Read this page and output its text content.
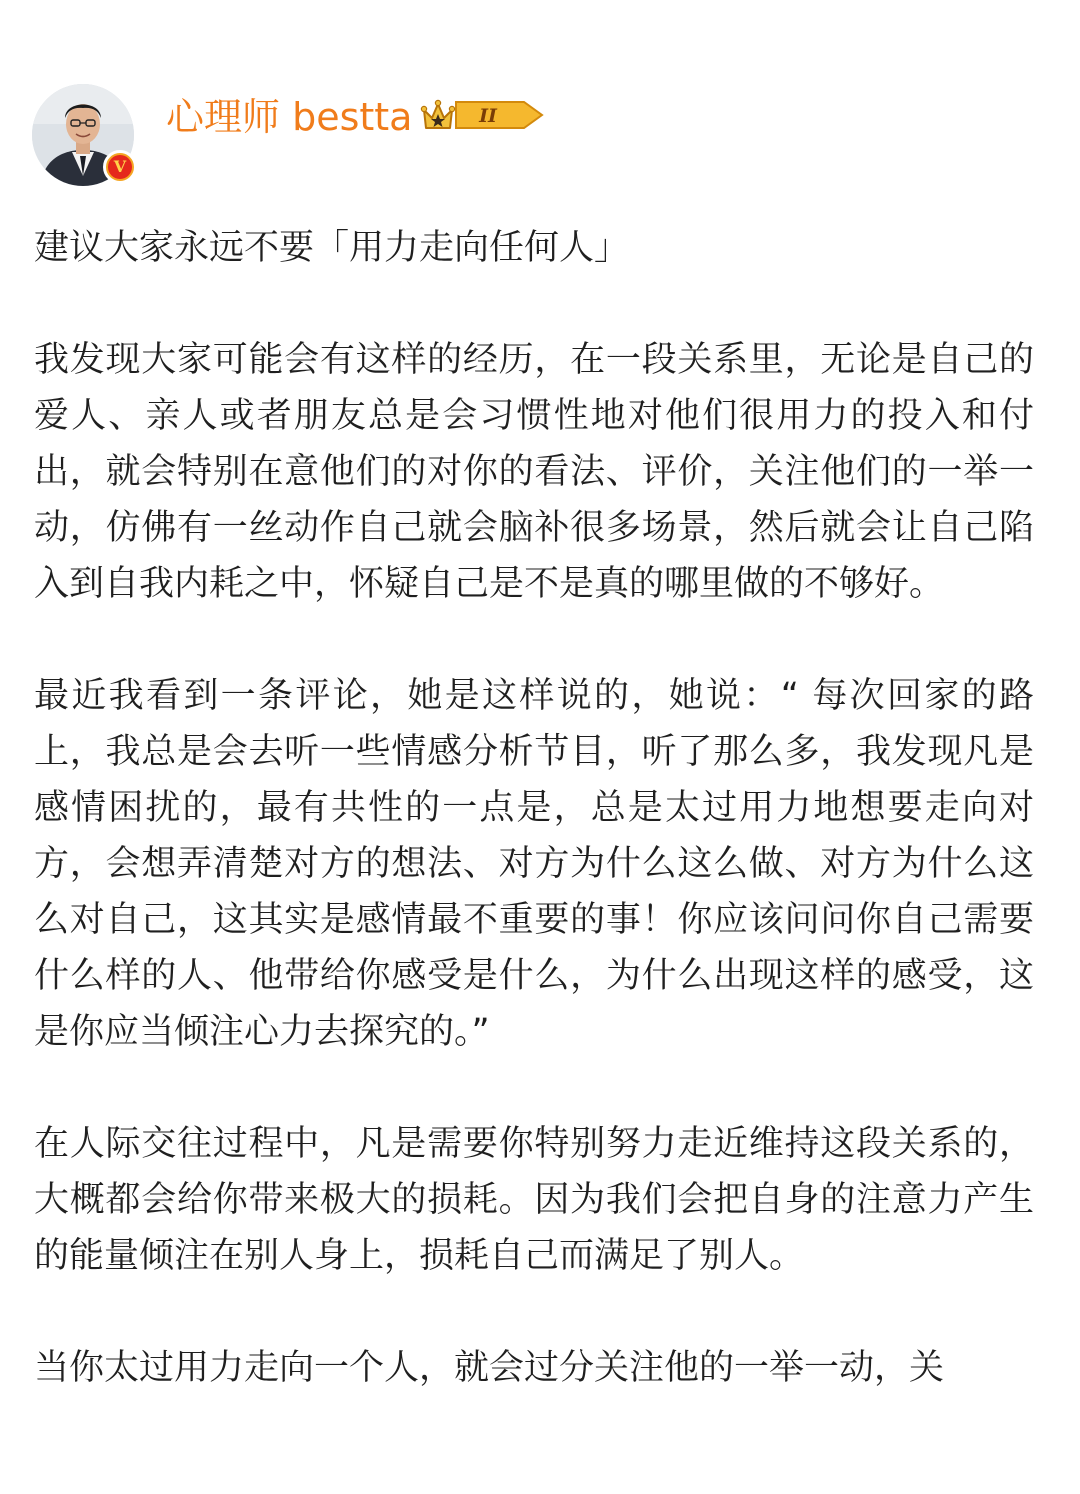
V
心理师 bestta	II

建议大家永远不要「用力走向任何人」

我发现大家可能会有这样的经历，在一段关系里，无论是自己的爱人、亲人或者朋友总是会习惯性地对他们很用力的投入和付出，就会特别在意他们的对你的看法、评价，关注他们的一举一动，仿佛有一丝动作自己就会脑补很多场景，然后就会让自己陷入到自我内耗之中，怀疑自己是不是真的哪里做的不够好。

最近我看到一条评论，她是这样说的，她说：“ 每次回家的路上，我总是会去听一些情感分析节目，听了那么多，我发现凡是感情困扰的，最有共性的一点是，总是太过用力地想要走向对方，会想弄清楚对方的想法、对方为什么这么做、对方为什么这么对自己，这其实是感情最不重要的事！你应该问问你自己需要什么样的人、他带给你感受是什么，为什么出现这样的感受，这是你应当倾注心力去探究的。”

在人际交往过程中，凡是需要你特别努力走近维持这段关系的，大概都会给你带来极大的损耗。因为我们会把自身的注意力产生的能量倾注在别人身上，损耗自己而满足了别人。

当你太过用力走向一个人，就会过分关注他的一举一动，关
